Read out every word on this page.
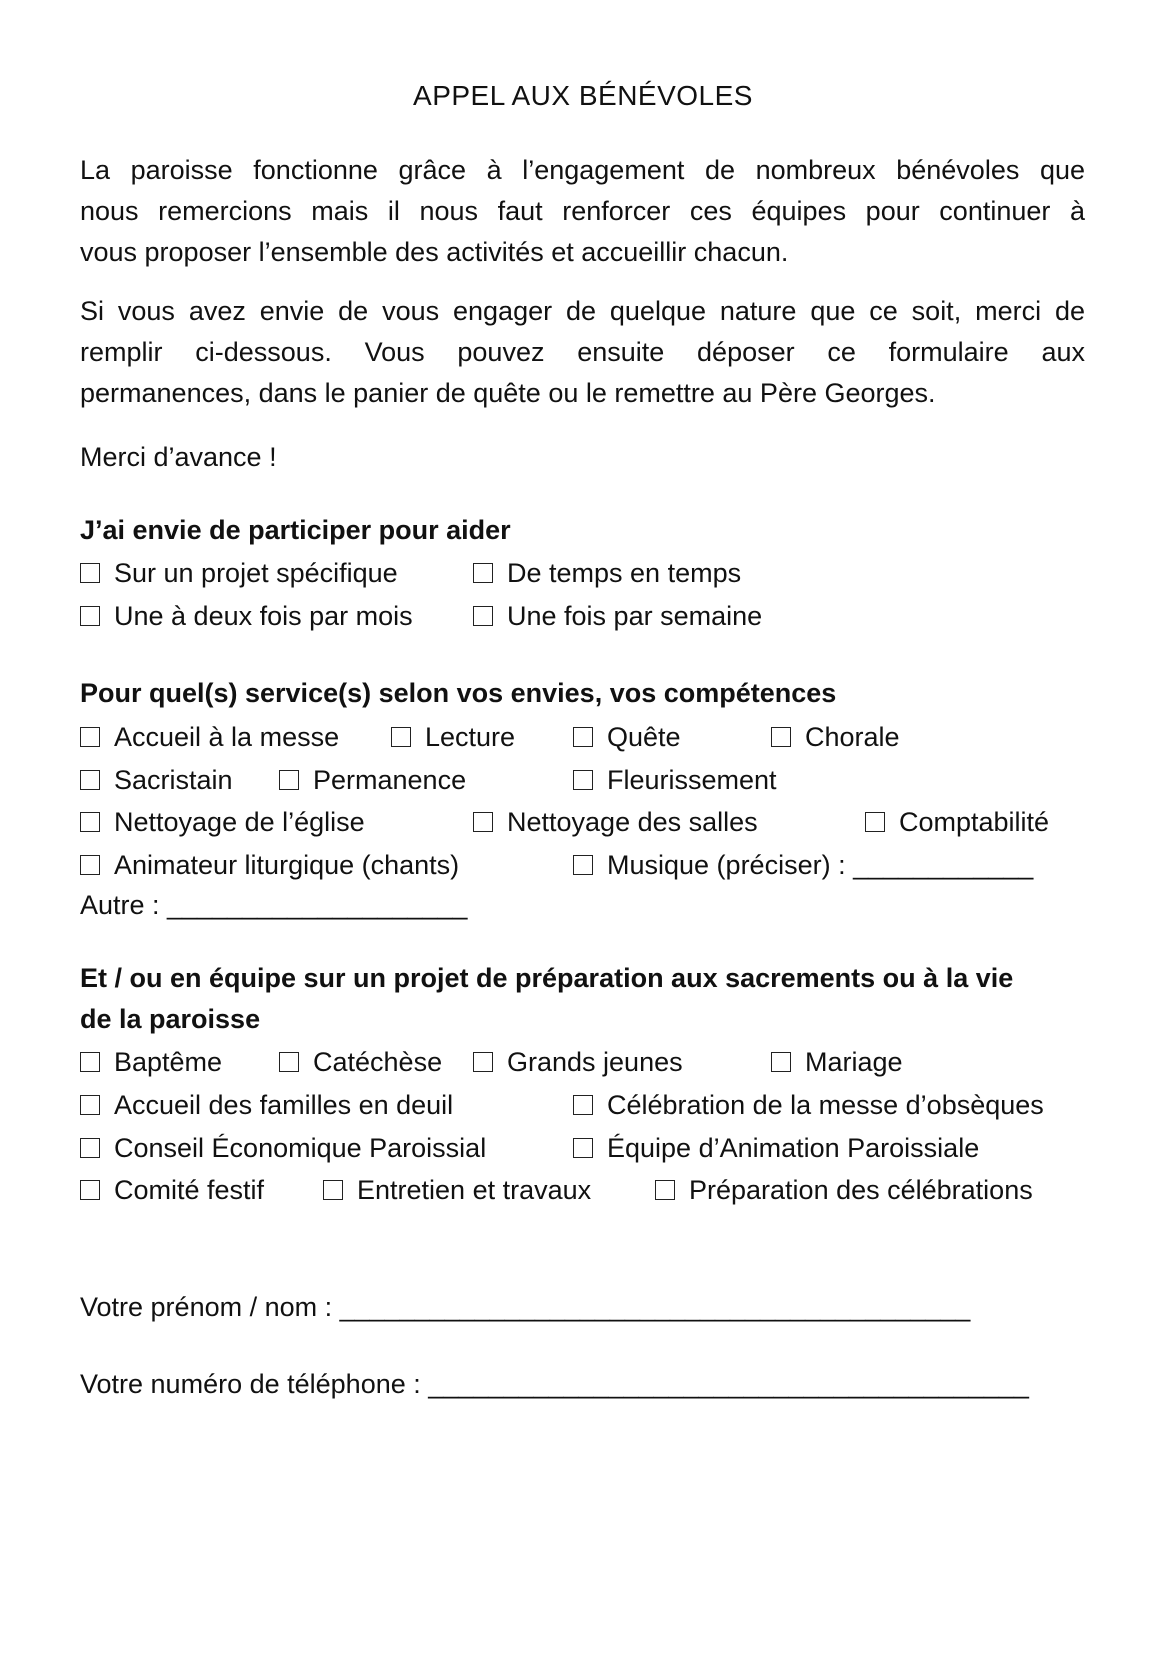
APPEL AUX BÉNÉVOLES
La paroisse fonctionne grâce à l’engagement de nombreux bénévoles que
nous remercions mais il nous faut renforcer ces équipes pour continuer à
vous proposer l’ensemble des activités et accueillir chacun.
Si vous avez envie de vous engager de quelque nature que ce soit, merci de
remplir ci-dessous. Vous pouvez ensuite déposer ce formulaire aux
permanences, dans le panier de quête ou le remettre au Père Georges.
Merci d’avance !
J’ai envie de participer pour aider
Sur un projet spécifique	De temps en temps
Une à deux fois par mois	Une fois par semaine
Pour quel(s) service(s) selon vos envies, vos compétences
Accueil à la messe	Lecture	Quête	Chorale
Sacristain	Permanence	Fleurissement
Nettoyage de l’église	Nettoyage des salles	Comptabilité
Animateur liturgique (chants)	Musique (préciser) : ____________
Autre : ____________________
Et / ou en équipe sur un projet de préparation aux sacrements ou à la vie
de la paroisse
Baptême	Catéchèse	Grands jeunes	Mariage
Accueil des familles en deuil	Célébration de la messe d’obsèques
Conseil Économique Paroissial	Équipe d’Animation Paroissiale
Comité festif	Entretien et travaux	Préparation des célébrations
Votre prénom / nom : __________________________________________
Votre numéro de téléphone : ________________________________________
